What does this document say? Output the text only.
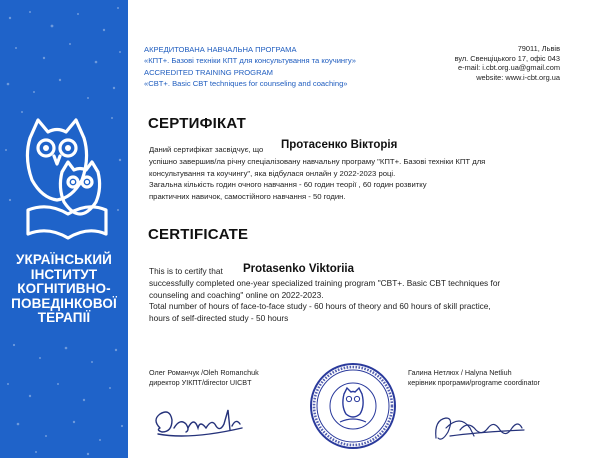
УКРАЇНСЬКИЙ
ІНСТИТУТ
КОГНІТИВНО-
ПОВЕДІНКОВОЇ
ТЕРАПІЇ
АКРЕДИТОВАНА НАВЧАЛЬНА ПРОГРАМА
«КПТ+. Базові техніки КПТ для консультування та коучингу»
ACCREDITED TRAINING PROGRAM
«CBT+. Basic CBT techniques for counseling and coaching»
79011, Львів
вул. Свенціцького 17, офіс 043
e-mail: i.cbt.org.ua@gmail.com
website: www.i-cbt.org.ua
СЕРТИФІКАТ
Даний сертифікат засвідчує, що	Протасенко Вікторія
успішно завершив/ла річну спеціалізовану навчальну програму "КПТ+. Базові техніки КПТ для
консультування та коучингу", яка відбулася онлайн у 2022-2023 році.
Загальна кількість годин очного навчання - 60 годин теорії , 60 годин розвитку
практичних навичок, самостійного навчання - 50 годин.
CERTIFICATE
This is to certify that	Protasenko Viktoriia
successfully completed one-year specialized training program "CBT+. Basic CBT techniques for
counseling and coaching" online on 2022-2023.
Total number of hours of face-to-face study - 60 hours of theory and 60 hours of skill practice,
hours of self-directed study - 50 hours
Олег Романчук /Oleh Romanchuk
директор УІКПТ/director UICBT
Галина Нетлюх / Halyna Netliuh
керівник програми/programe coordinator
